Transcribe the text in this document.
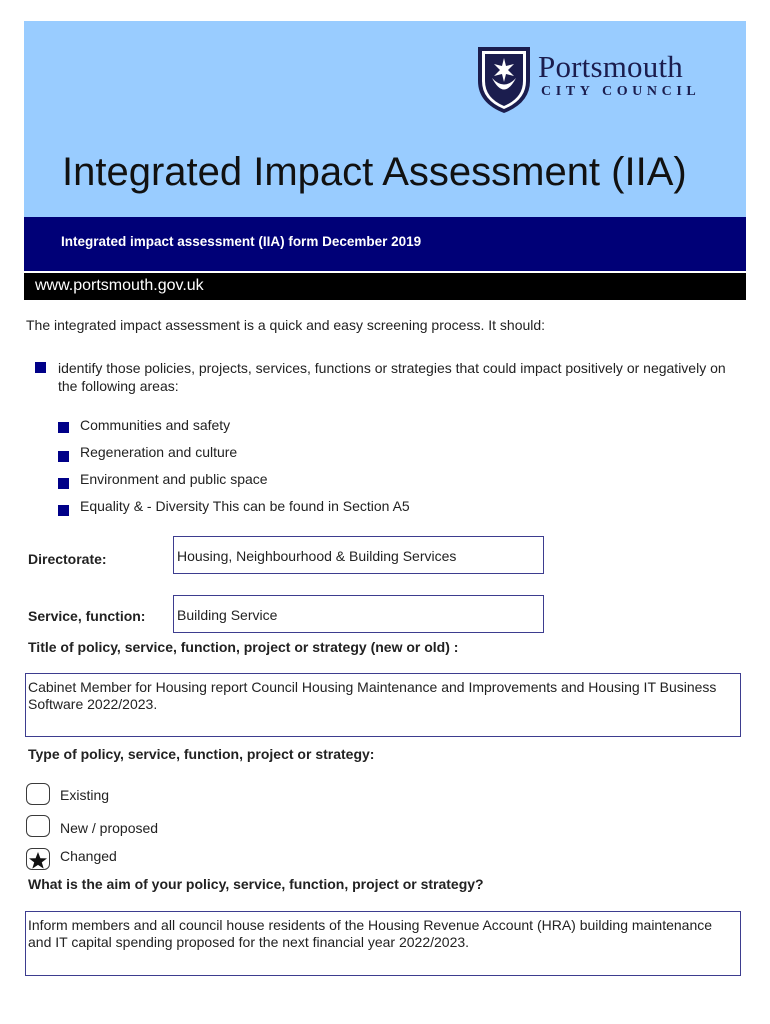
Portsmouth
CITY COUNCIL
Integrated Impact Assessment (IIA)
Integrated impact assessment (IIA) form December 2019
www.portsmouth.gov.uk
The integrated impact assessment is a quick and easy screening process. It should:
identify those policies, projects, services, functions or strategies that could impact positively or negatively on the following areas:
Communities and safety
Regeneration and culture
Environment and public space
Equality & - Diversity This can be found in Section A5
Directorate:	Housing, Neighbourhood & Building Services
Service, function: Building Service
Title of policy, service, function, project or strategy (new or old) :
Cabinet Member for Housing report Council Housing Maintenance and Improvements and Housing IT Business Software 2022/2023.
Type of policy, service, function, project or strategy:
Existing
New / proposed
Changed
What is the aim of your policy, service, function, project or strategy?
Inform members and all council house residents of the Housing Revenue Account (HRA) building maintenance and IT capital spending proposed for the next financial year 2022/2023.
